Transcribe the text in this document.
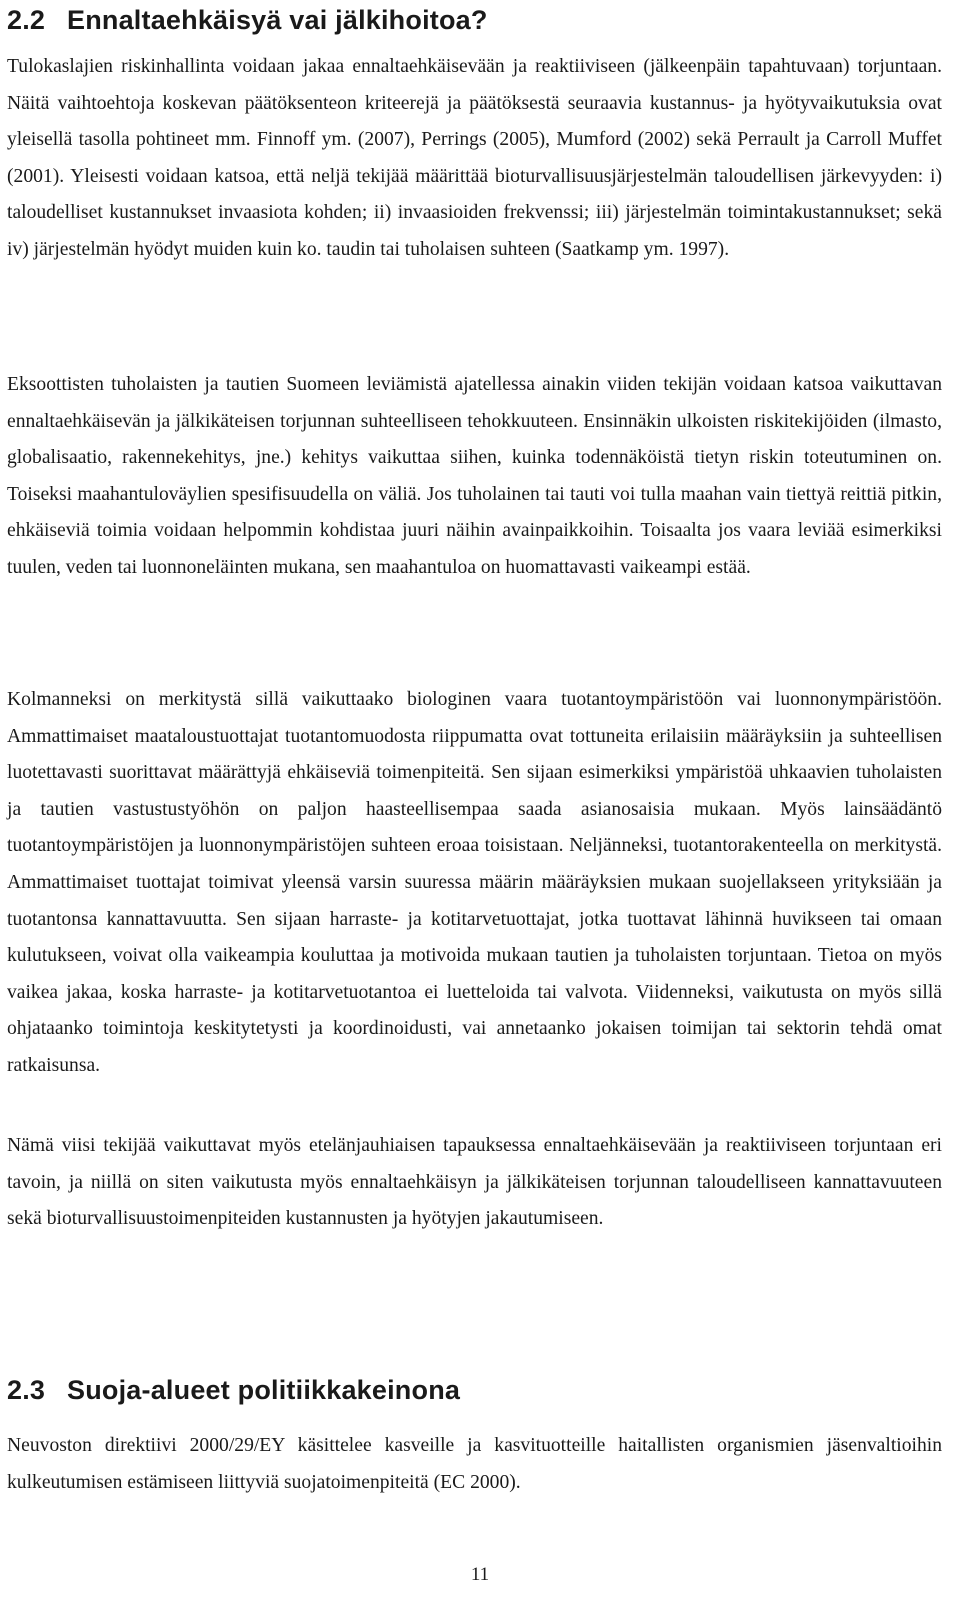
2.2 Ennaltaehkäisyä vai jälkihoitoa?

Tulokaslajien riskinhallinta voidaan jakaa ennaltaehkäisevään ja reaktiiviseen (jälkeenpäin tapahtuvaan) torjuntaan. Näitä vaihtoehtoja koskevan päätöksenteon kriteerejä ja päätöksestä seuraavia kustannus- ja hyötyvaikutuksia ovat yleisellä tasolla pohtineet mm. Finnoff ym. (2007), Perrings (2005), Mumford (2002) sekä Perrault ja Carroll Muffet (2001). Yleisesti voidaan katsoa, että neljä tekijää määrittää bioturvallisuusjärjestelmän taloudellisen järkevyyden: i) taloudelliset kustannukset invaasiota kohden; ii) invaasioiden frekvenssi; iii) järjestelmän toimintakustannukset; sekä iv) järjestelmän hyödyt muiden kuin ko. taudin tai tuholaisen suhteen (Saatkamp ym. 1997).

Eksoottisten tuholaisten ja tautien Suomeen leviämistä ajatellessa ainakin viiden tekijän voidaan katsoa vaikuttavan ennaltaehkäisevän ja jälkikäteisen torjunnan suhteelliseen tehokkuuteen. Ensinnäkin ulkoisten riskitekijöiden (ilmasto, globalisaatio, rakennekehitys, jne.) kehitys vaikuttaa siihen, kuinka todennäköistä tietyn riskin toteutuminen on. Toiseksi maahantuloväylien spesifisuudella on väliä. Jos tuholainen tai tauti voi tulla maahan vain tiettyä reittiä pitkin, ehkäiseviä toimia voidaan helpommin kohdistaa juuri näihin avainpaikkoihin. Toisaalta jos vaara leviää esimerkiksi tuulen, veden tai luonnoneläinten mukana, sen maahantuloa on huomattavasti vaikeampi estää.

Kolmanneksi on merkitystä sillä vaikuttaako biologinen vaara tuotantoympäristöön vai luonnonympäristöön. Ammattimaiset maataloustuottajat tuotantomuodosta riippumatta ovat tottuneita erilaisiin määräyksiin ja suhteellisen luotettavasti suorittavat määrättyjä ehkäiseviä toimenpiteitä. Sen sijaan esimerkiksi ympäristöä uhkaavien tuholaisten ja tautien vastustustyöhön on paljon haasteellisempaa saada asianosaisia mukaan. Myös lainsäädäntö tuotantoympäristöjen ja luonnonympäristöjen suhteen eroaa toisistaan. Neljänneksi, tuotantorakenteella on merkitystä. Ammattimaiset tuottajat toimivat yleensä varsin suuressa määrin määräyksien mukaan suojellakseen yrityksiään ja tuotantonsa kannattavuutta. Sen sijaan harraste- ja kotitarvetuottajat, jotka tuottavat lähinnä huvikseen tai omaan kulutukseen, voivat olla vaikeampia kouluttaa ja motivoida mukaan tautien ja tuholaisten torjuntaan. Tietoa on myös vaikea jakaa, koska harraste- ja kotitarvetuotantoa ei luetteloida tai valvota. Viidenneksi, vaikutusta on myös sillä ohjataanko toimintoja keskitytetysti ja koordinoidusti, vai annetaanko jokaisen toimijan tai sektorin tehdä omat ratkaisunsa.

Nämä viisi tekijää vaikuttavat myös etelänjauhiaisen tapauksessa ennaltaehkäisevään ja reaktiiviseen torjuntaan eri tavoin, ja niillä on siten vaikutusta myös ennaltaehkäisyn ja jälkikäteisen torjunnan taloudelliseen kannattavuuteen sekä bioturvallisuustoimenpiteiden kustannusten ja hyötyjen jakautumiseen.

2.3 Suoja-alueet politiikkakeinona

Neuvoston direktiivi 2000/29/EY käsittelee kasveille ja kasvituotteille haitallisten organismien jäsenvaltioihin kulkeutumisen estämiseen liittyviä suojatoimenpiteitä (EC 2000).

11
